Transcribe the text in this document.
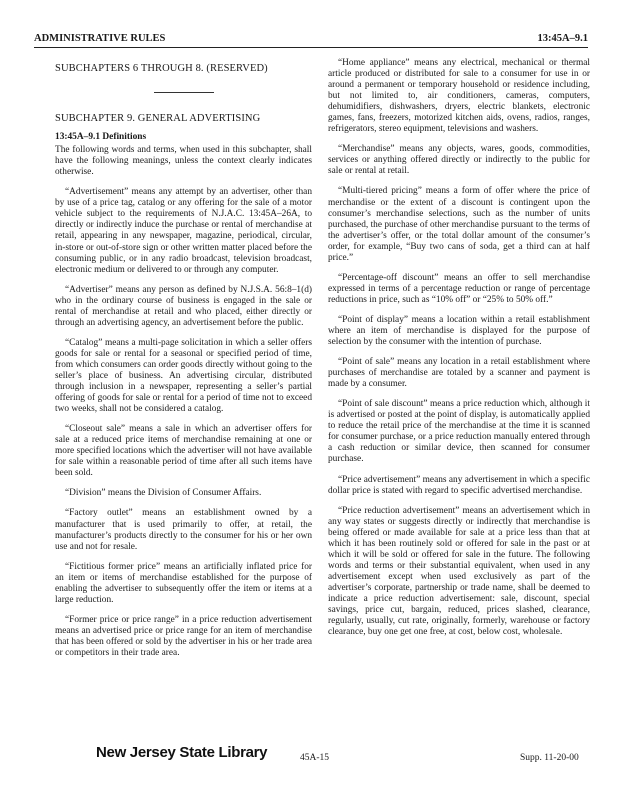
ADMINISTRATIVE RULES	13:45A–9.1

SUBCHAPTERS 6 THROUGH 8. (RESERVED)

SUBCHAPTER 9. GENERAL ADVERTISING

13:45A–9.1 Definitions

The following words and terms, when used in this subchapter, shall have the following meanings, unless the context clearly indicates otherwise.

“Advertisement” means any attempt by an advertiser, other than by use of a price tag, catalog or any offering for the sale of a motor vehicle subject to the requirements of N.J.A.C. 13:45A–26A, to directly or indirectly induce the purchase or rental of merchandise at retail, appearing in any newspaper, magazine, periodical, circular, in-store or out-of-store sign or other written matter placed before the consuming public, or in any radio broadcast, television broadcast, electronic medium or delivered to or through any computer.

“Advertiser” means any person as defined by N.J.S.A. 56:8–1(d) who in the ordinary course of business is engaged in the sale or rental of merchandise at retail and who placed, either directly or through an advertising agency, an advertisement before the public.

“Catalog” means a multi-page solicitation in which a seller offers goods for sale or rental for a seasonal or specified period of time, from which consumers can order goods directly without going to the seller’s place of business. An advertising circular, distributed through inclusion in a newspaper, representing a seller’s partial offering of goods for sale or rental for a period of time not to exceed two weeks, shall not be considered a catalog.

“Closeout sale” means a sale in which an advertiser offers for sale at a reduced price items of merchandise remaining at one or more specified locations which the advertiser will not have available for sale within a reasonable period of time after all such items have been sold.

“Division” means the Division of Consumer Affairs.

“Factory outlet” means an establishment owned by a manufacturer that is used primarily to offer, at retail, the manufacturer’s products directly to the consumer for his or her own use and not for resale.

“Fictitious former price” means an artificially inflated price for an item or items of merchandise established for the purpose of enabling the advertiser to subsequently offer the item or items at a large reduction.

“Former price or price range” in a price reduction advertisement means an advertised price or price range for an item of merchandise that has been offered or sold by the advertiser in his or her trade area or competitors in their trade area.

“Home appliance” means any electrical, mechanical or thermal article produced or distributed for sale to a consumer for use in or around a permanent or temporary household or residence including, but not limited to, air conditioners, cameras, computers, dehumidifiers, dishwashers, dryers, electric blankets, electronic games, fans, freezers, motorized kitchen aids, ovens, radios, ranges, refrigerators, stereo equipment, televisions and washers.

“Merchandise” means any objects, wares, goods, commodities, services or anything offered directly or indirectly to the public for sale or rental at retail.

“Multi-tiered pricing” means a form of offer where the price of merchandise or the extent of a discount is contingent upon the consumer’s merchandise selections, such as the number of units purchased, the purchase of other merchandise pursuant to the terms of the advertiser’s offer, or the total dollar amount of the consumer’s order, for example, “Buy two cans of soda, get a third can at half price.”

“Percentage-off discount” means an offer to sell merchandise expressed in terms of a percentage reduction or range of percentage reductions in price, such as “10% off” or “25% to 50% off.”

“Point of display” means a location within a retail establishment where an item of merchandise is displayed for the purpose of selection by the consumer with the intention of purchase.

“Point of sale” means any location in a retail establishment where purchases of merchandise are totaled by a scanner and payment is made by a consumer.

“Point of sale discount” means a price reduction which, although it is advertised or posted at the point of display, is automatically applied to reduce the retail price of the merchandise at the time it is scanned for consumer purchase, or a price reduction manually entered through a cash reduction or similar device, then scanned for consumer purchase.

“Price advertisement” means any advertisement in which a specific dollar price is stated with regard to specific advertised merchandise.

“Price reduction advertisement” means an advertisement which in any way states or suggests directly or indirectly that merchandise is being offered or made available for sale at a price less than that at which it has been routinely sold or offered for sale in the past or at which it will be sold or offered for sale in the future. The following words and terms or their substantial equivalent, when used in any advertisement except when used exclusively as part of the advertiser’s corporate, partnership or trade name, shall be deemed to indicate a price reduction advertisement: sale, discount, special savings, price cut, bargain, reduced, prices slashed, clearance, regularly, usually, cut rate, originally, formerly, warehouse or factory clearance, buy one get one free, at cost, below cost, wholesale.

New Jersey State Library	45A-15	Supp. 11-20-00
